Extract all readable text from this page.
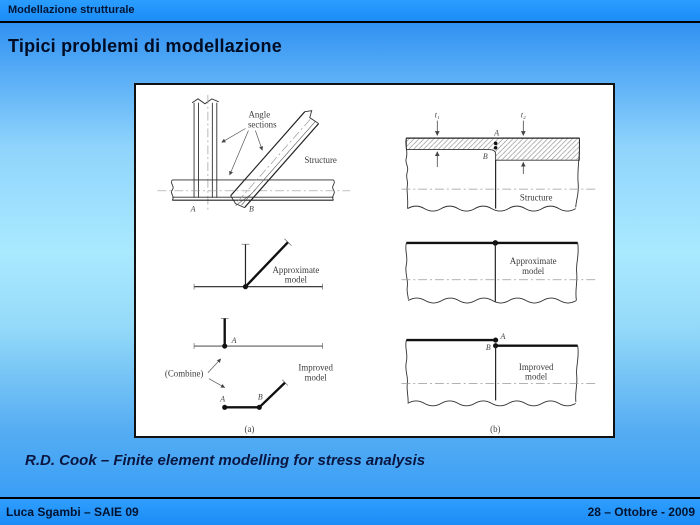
Modellazione strutturale
Tipici problemi di modellazione
Angle
sections
Structure
A	B
Approximate
model
A
(Combine)
A	B
Improved
model
(a)
A
B
t₁	t₂
Structure
Approximate
model
A
B
Improved
model
(b)

R.D. Cook – Finite element modelling for stress analysis

Luca Sgambi – SAIE 09	28 – Ottobre - 2009
